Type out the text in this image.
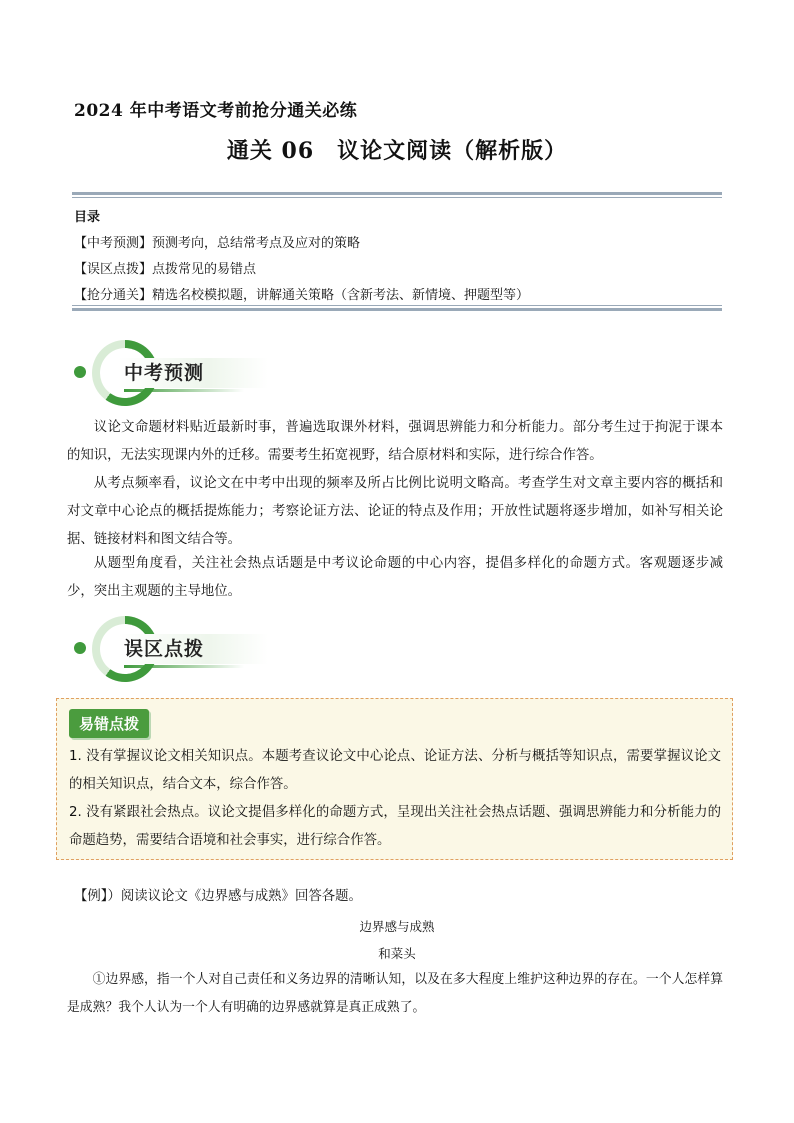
2024 年中考语文考前抢分通关必练
通关 06　议论文阅读（解析版）
目录
【中考预测】预测考向，总结常考点及应对的策略
【误区点拨】点拨常见的易错点
【抢分通关】精选名校模拟题，讲解通关策略（含新考法、新情境、押题型等）
中考预测
议论文命题材料贴近最新时事，普遍选取课外材料，强调思辨能力和分析能力。部分考生过于拘泥于课本的知识，无法实现课内外的迁移。需要考生拓宽视野，结合原材料和实际，进行综合作答。
从考点频率看，议论文在中考中出现的频率及所占比例比说明文略高。考查学生对文章主要内容的概括和对文章中心论点的概括提炼能力；考察论证方法、论证的特点及作用；开放性试题将逐步增加，如补写相关论据、链接材料和图文结合等。
从题型角度看，关注社会热点话题是中考议论命题的中心内容，提倡多样化的命题方式。客观题逐步减少，突出主观题的主导地位。
误区点拨
易错点拨

1. 没有掌握议论文相关知识点。本题考查议论文中心论点、论证方法、分析与概括等知识点，需要掌握议论文的相关知识点，结合文本，综合作答。

2. 没有紧跟社会热点。议论文提倡多样化的命题方式，呈现出关注社会热点话题、强调思辨能力和分析能力的命题趋势，需要结合语境和社会事实，进行综合作答。

【例】）阅读议论文《边界感与成熟》回答各题。
边界感与成熟
和菜头
①边界感，指一个人对自己责任和义务边界的清晰认知，以及在多大程度上维护这种边界的存在。一个人怎样算是成熟？我个人认为一个人有明确的边界感就算是真正成熟了。
